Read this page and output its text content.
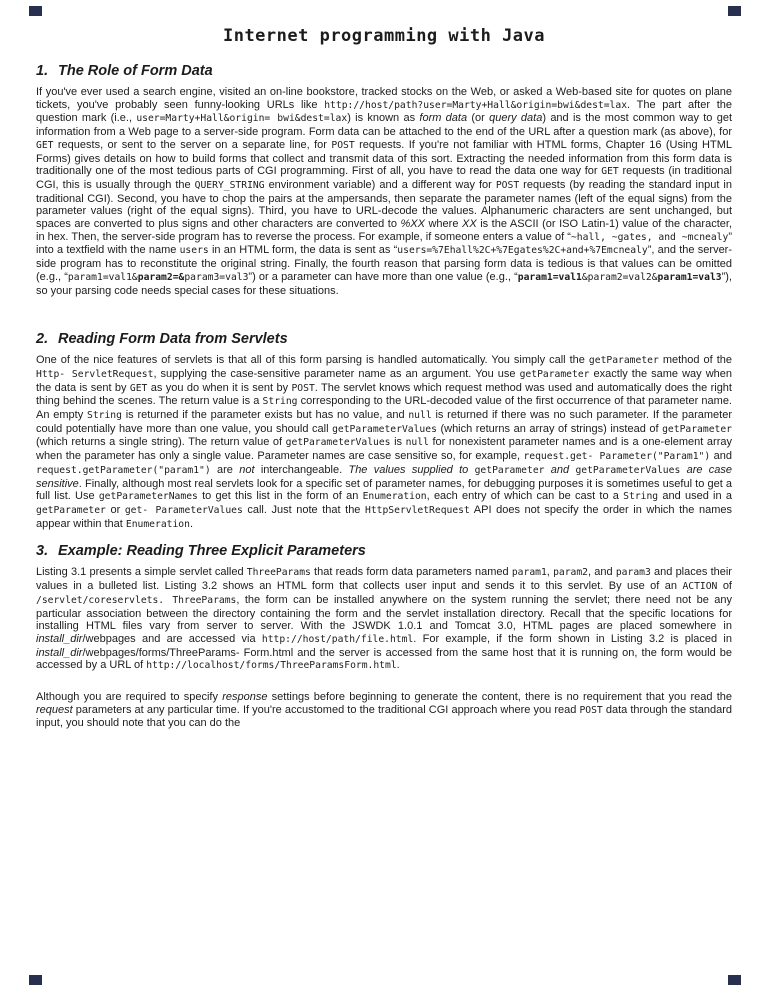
Internet programming with Java
1. The Role of Form Data

If you've ever used a search engine, visited an on-line bookstore, tracked stocks on the Web, or asked a Web-based site for quotes on plane tickets, you've probably seen funny-looking URLs like http://host/path?user=Marty+Hall&origin=bwi&dest=lax. The part after the question mark (i.e., user=Marty+Hall&origin= bwi&dest=lax) is known as form data (or query data) and is the most common way to get information from a Web page to a server-side program. Form data can be attached to the end of the URL after a question mark (as above), for GET requests, or sent to the server on a separate line, for POST requests. If you're not familiar with HTML forms, Chapter 16 (Using HTML Forms) gives details on how to build forms that collect and transmit data of this sort. Extracting the needed information from this form data is traditionally one of the most tedious parts of CGI programming. First of all, you have to read the data one way for GET requests (in traditional CGI, this is usually through the QUERY_STRING environment variable) and a different way for POST requests (by reading the standard input in traditional CGI). Second, you have to chop the pairs at the ampersands, then separate the parameter names (left of the equal signs) from the parameter values (right of the equal signs). Third, you have to URL-decode the values. Alphanumeric characters are sent unchanged, but spaces are converted to plus signs and other characters are converted to %XX where XX is the ASCII (or ISO Latin-1) value of the character, in hex. Then, the server-side program has to reverse the process. For example, if someone enters a value of “~hall, ~gates, and ~mcnealy” into a textfield with the name users in an HTML form, the data is sent as “users=%7Ehall%2C+%7Egates%2C+and+%7Emcnealy”, and the server-side program has to reconstitute the original string. Finally, the fourth reason that parsing form data is tedious is that values can be omitted (e.g., “param1=val1&param2=&param3=val3”) or a parameter can have more than one value (e.g., “param1=val1&param2=val2&param1=val3”), so your parsing code needs special cases for these situations.

2. Reading Form Data from Servlets

One of the nice features of servlets is that all of this form parsing is handled automatically. You simply call the getParameter method of the Http- ServletRequest, supplying the case-sensitive parameter name as an argument. You use getParameter exactly the same way when the data is sent by GET as you do when it is sent by POST. The servlet knows which request method was used and automatically does the right thing behind the scenes. The return value is a String corresponding to the URL-decoded value of the first occurrence of that parameter name. An empty String is returned if the parameter exists but has no value, and null is returned if there was no such parameter. If the parameter could potentially have more than one value, you should call getParameterValues (which returns an array of strings) instead of getParameter (which returns a single string). The return value of getParameterValues is null for nonexistent parameter names and is a one-element array when the parameter has only a single value. Parameter names are case sensitive so, for example, request.get- Parameter("Param1") and request.getParameter("param1") are not interchangeable. The values supplied to getParameter and getParameterValues are case sensitive. Finally, although most real servlets look for a specific set of parameter names, for debugging purposes it is sometimes useful to get a full list. Use getParameterNames to get this list in the form of an Enumeration, each entry of which can be cast to a String and used in a getParameter or get- ParameterValues call. Just note that the HttpServletRequest API does not specify the order in which the names appear within that Enumeration.

3. Example: Reading Three Explicit Parameters

Listing 3.1 presents a simple servlet called ThreeParams that reads form data parameters named param1, param2, and param3 and places their values in a bulleted list. Listing 3.2 shows an HTML form that collects user input and sends it to this servlet. By use of an ACTION of /servlet/coreservlets. ThreeParams, the form can be installed anywhere on the system running the servlet; there need not be any particular association between the directory containing the form and the servlet installation directory. Recall that the specific locations for installing HTML files vary from server to server. With the JSWDK 1.0.1 and Tomcat 3.0, HTML pages are placed somewhere in install_dir/webpages and are accessed via http://host/path/file.html. For example, if the form shown in Listing 3.2 is placed in install_dir/webpages/forms/ThreeParams- Form.html and the server is accessed from the same host that it is running on, the form would be accessed by a URL of http://localhost/forms/ThreeParamsForm.html.

Although you are required to specify response settings before beginning to generate the content, there is no requirement that you read the request parameters at any particular time. If you're accustomed to the traditional CGI approach where you read POST data through the standard input, you should note that you can do the
